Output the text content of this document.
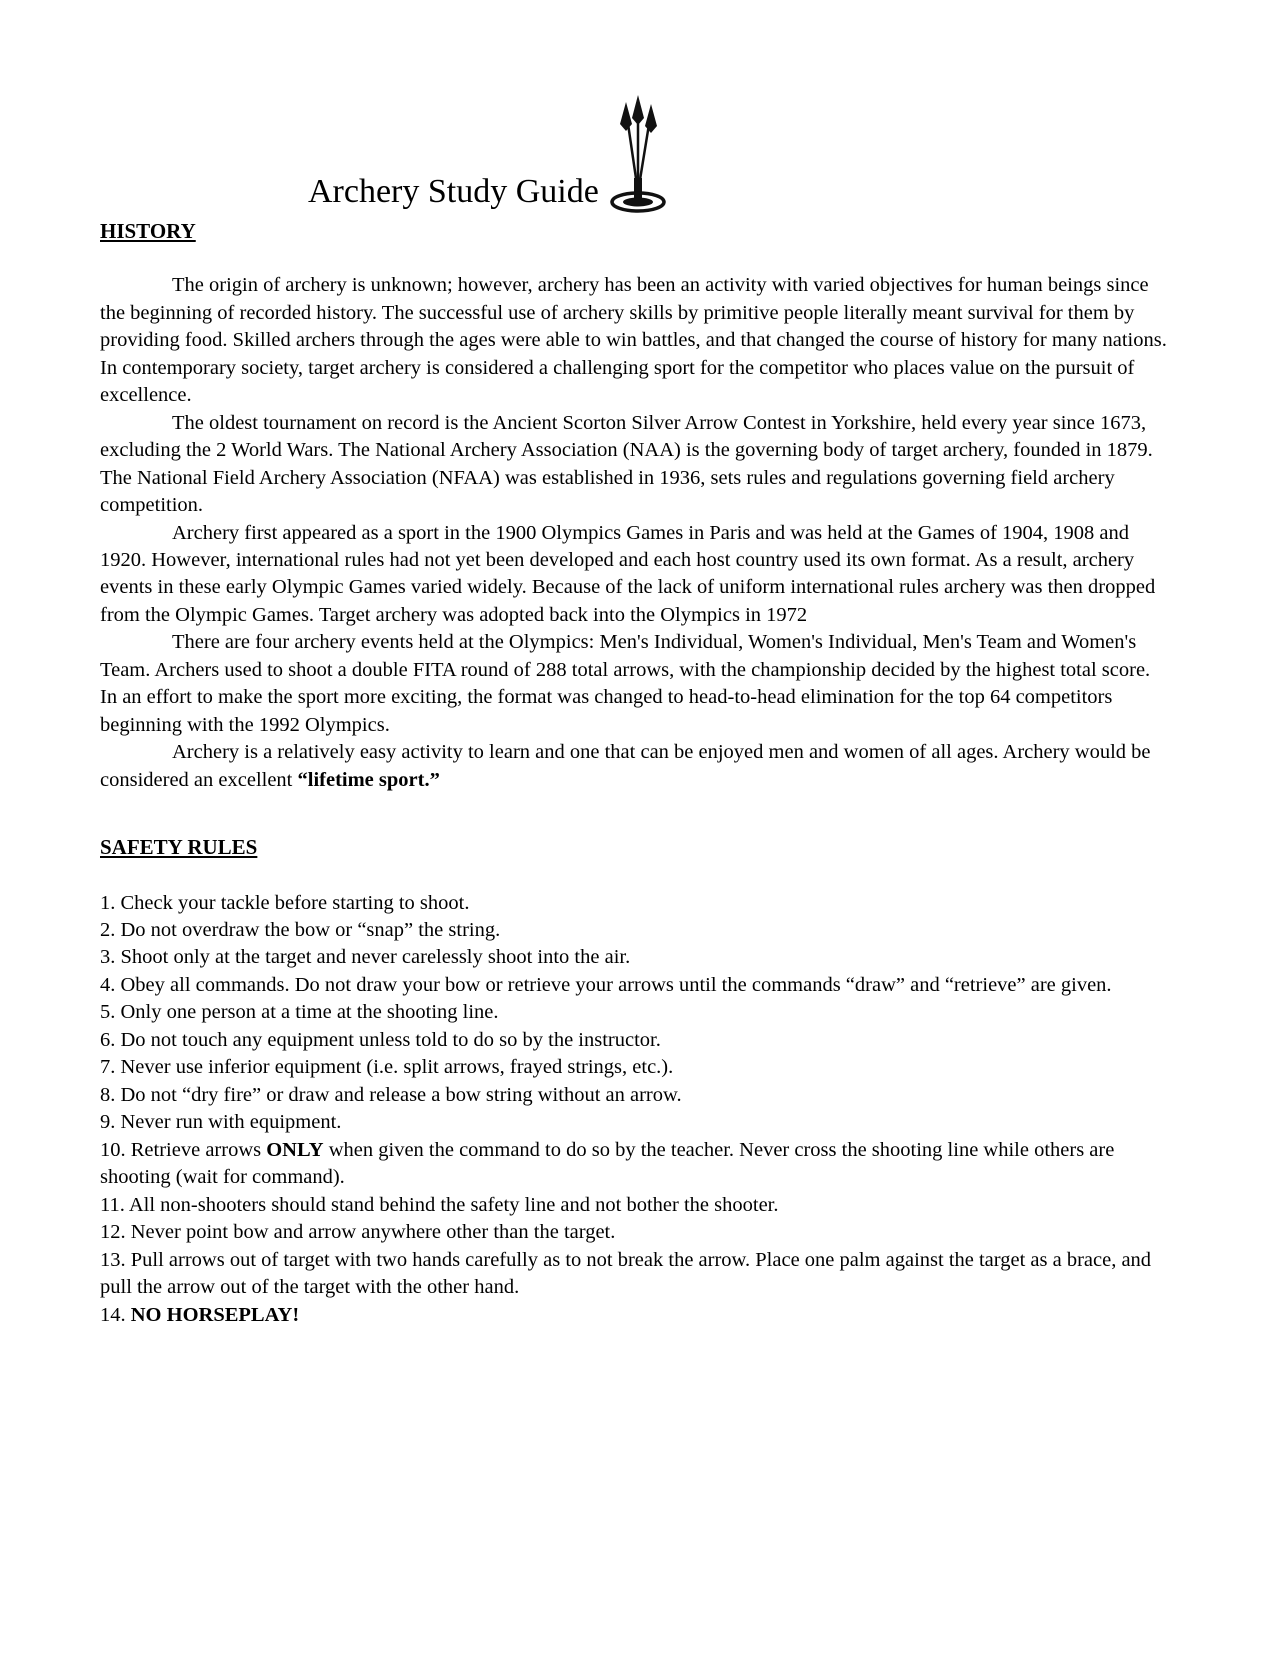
Archery Study Guide
HISTORY

The origin of archery is unknown; however, archery has been an activity with varied objectives for human beings since the beginning of recorded history. The successful use of archery skills by primitive people literally meant survival for them by providing food. Skilled archers through the ages were able to win battles, and that changed the course of history for many nations. In contemporary society, target archery is considered a challenging sport for the competitor who places value on the pursuit of excellence.

The oldest tournament on record is the Ancient Scorton Silver Arrow Contest in Yorkshire, held every year since 1673, excluding the 2 World Wars. The National Archery Association (NAA) is the governing body of target archery, founded in 1879. The National Field Archery Association (NFAA) was established in 1936, sets rules and regulations governing field archery competition.

Archery first appeared as a sport in the 1900 Olympics Games in Paris and was held at the Games of 1904, 1908 and 1920. However, international rules had not yet been developed and each host country used its own format. As a result, archery events in these early Olympic Games varied widely. Because of the lack of uniform international rules archery was then dropped from the Olympic Games. Target archery was adopted back into the Olympics in 1972

There are four archery events held at the Olympics: Men's Individual, Women's Individual, Men's Team and Women's Team. Archers used to shoot a double FITA round of 288 total arrows, with the championship decided by the highest total score. In an effort to make the sport more exciting, the format was changed to head-to-head elimination for the top 64 competitors beginning with the 1992 Olympics.

Archery is a relatively easy activity to learn and one that can be enjoyed men and women of all ages. Archery would be considered an excellent “lifetime sport.”

SAFETY RULES

1. Check your tackle before starting to shoot.

2. Do not overdraw the bow or “snap” the string.

3. Shoot only at the target and never carelessly shoot into the air.

4. Obey all commands. Do not draw your bow or retrieve your arrows until the commands “draw” and “retrieve” are given.

5. Only one person at a time at the shooting line.

6. Do not touch any equipment unless told to do so by the instructor.

7. Never use inferior equipment (i.e. split arrows, frayed strings, etc.).

8. Do not “dry fire” or draw and release a bow string without an arrow.

9. Never run with equipment.

10. Retrieve arrows ONLY when given the command to do so by the teacher. Never cross the shooting line while others are shooting (wait for command).

11. All non-shooters should stand behind the safety line and not bother the shooter.

12. Never point bow and arrow anywhere other than the target.

13. Pull arrows out of target with two hands carefully as to not break the arrow. Place one palm against the target as a brace, and pull the arrow out of the target with the other hand.

14. NO HORSEPLAY!
